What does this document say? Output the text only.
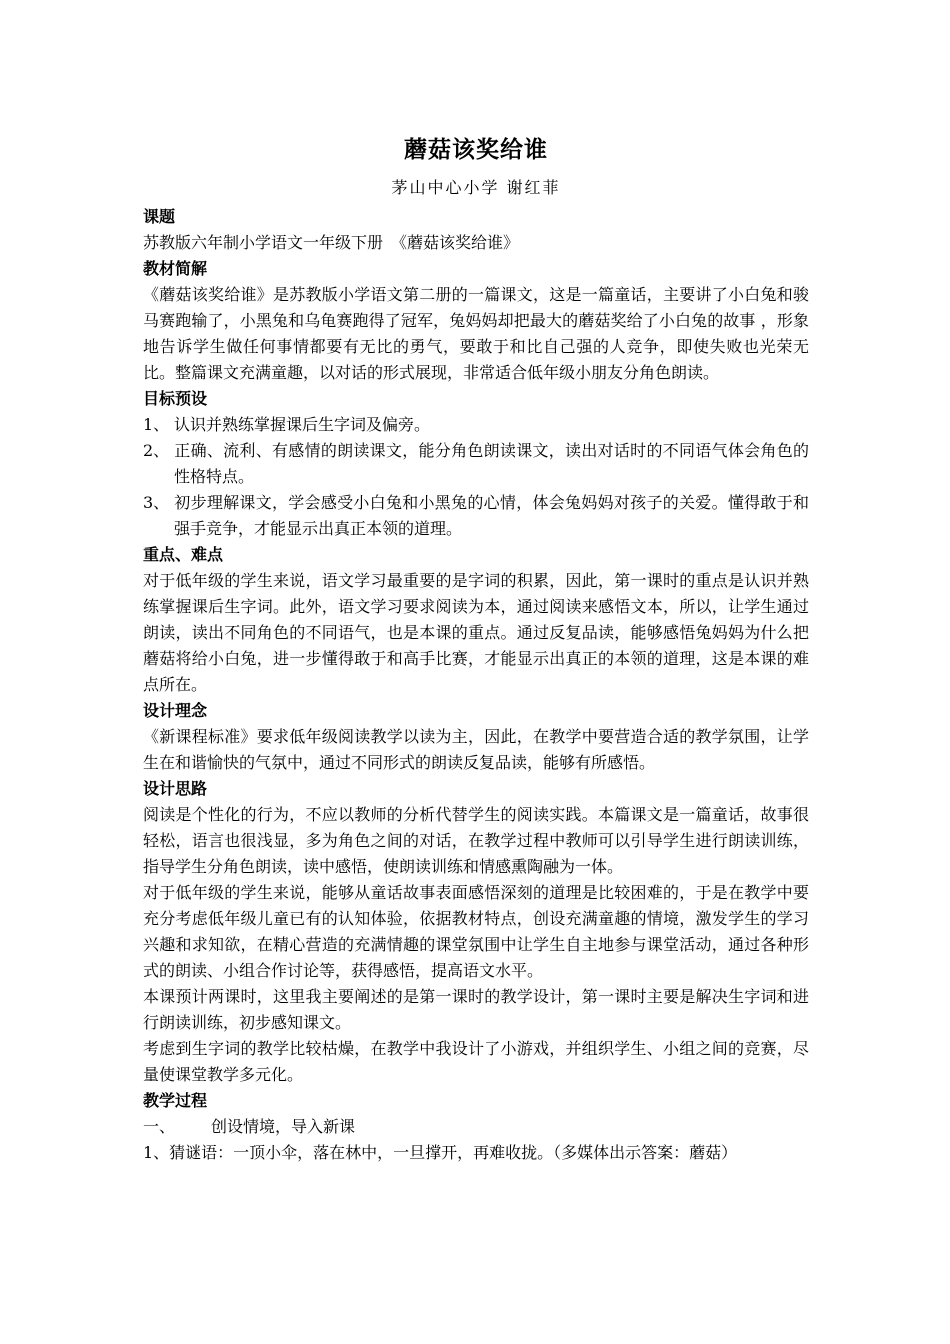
蘑菇该奖给谁
茅山中心小学 谢红菲
课题
苏教版六年制小学语文一年级下册　《蘑菇该奖给谁》
教材简解
《蘑菇该奖给谁》是苏教版小学语文第二册的一篇课文，这是一篇童话，主要讲了小白兔和骏马赛跑输了，小黑兔和乌龟赛跑得了冠军，兔妈妈却把最大的蘑菇奖给了小白兔的故事 ，形象地告诉学生做任何事情都要有无比的勇气，要敢于和比自己强的人竞争，即使失败也光荣无比。整篇课文充满童趣，以对话的形式展现，非常适合低年级小朋友分角色朗读。
目标预设
1、 认识并熟练掌握课后生字词及偏旁。
2、 正确、流利、有感情的朗读课文，能分角色朗读课文，读出对话时的不同语气体会角色的性格特点。
3、 初步理解课文，学会感受小白兔和小黑兔的心情，体会兔妈妈对孩子的关爱。懂得敢于和强手竞争，才能显示出真正本领的道理。
重点、难点
对于低年级的学生来说，语文学习最重要的是字词的积累，因此，第一课时的重点是认识并熟练掌握课后生字词。此外，语文学习要求阅读为本，通过阅读来感悟文本，所以，让学生通过朗读，读出不同角色的不同语气，也是本课的重点。通过反复品读，能够感悟兔妈妈为什么把蘑菇将给小白兔，进一步懂得敢于和高手比赛，才能显示出真正的本领的道理，这是本课的难点所在。
设计理念
《新课程标准》要求低年级阅读教学以读为主，因此，在教学中要营造合适的教学氛围，让学生在和谐愉快的气氛中，通过不同形式的朗读反复品读，能够有所感悟。
设计思路
阅读是个性化的行为，不应以教师的分析代替学生的阅读实践。本篇课文是一篇童话，故事很轻松，语言也很浅显，多为角色之间的对话，在教学过程中教师可以引导学生进行朗读训练，指导学生分角色朗读，读中感悟，使朗读训练和情感熏陶融为一体。
对于低年级的学生来说，能够从童话故事表面感悟深刻的道理是比较困难的，于是在教学中要充分考虑低年级儿童已有的认知体验，依据教材特点，创设充满童趣的情境，激发学生的学习兴趣和求知欲，在精心营造的充满情趣的课堂氛围中让学生自主地参与课堂活动，通过各种形式的朗读、小组合作讨论等，获得感悟，提高语文水平。
本课预计两课时，这里我主要阐述的是第一课时的教学设计，第一课时主要是解决生字词和进行朗读训练，初步感知课文。
考虑到生字词的教学比较枯燥，在教学中我设计了小游戏，并组织学生、小组之间的竞赛，尽量使课堂教学多元化。
教学过程
一、 创设情境，导入新课
1、猜谜语：一顶小伞，落在林中，一旦撑开，再难收拢。（多媒体出示答案：蘑菇）
